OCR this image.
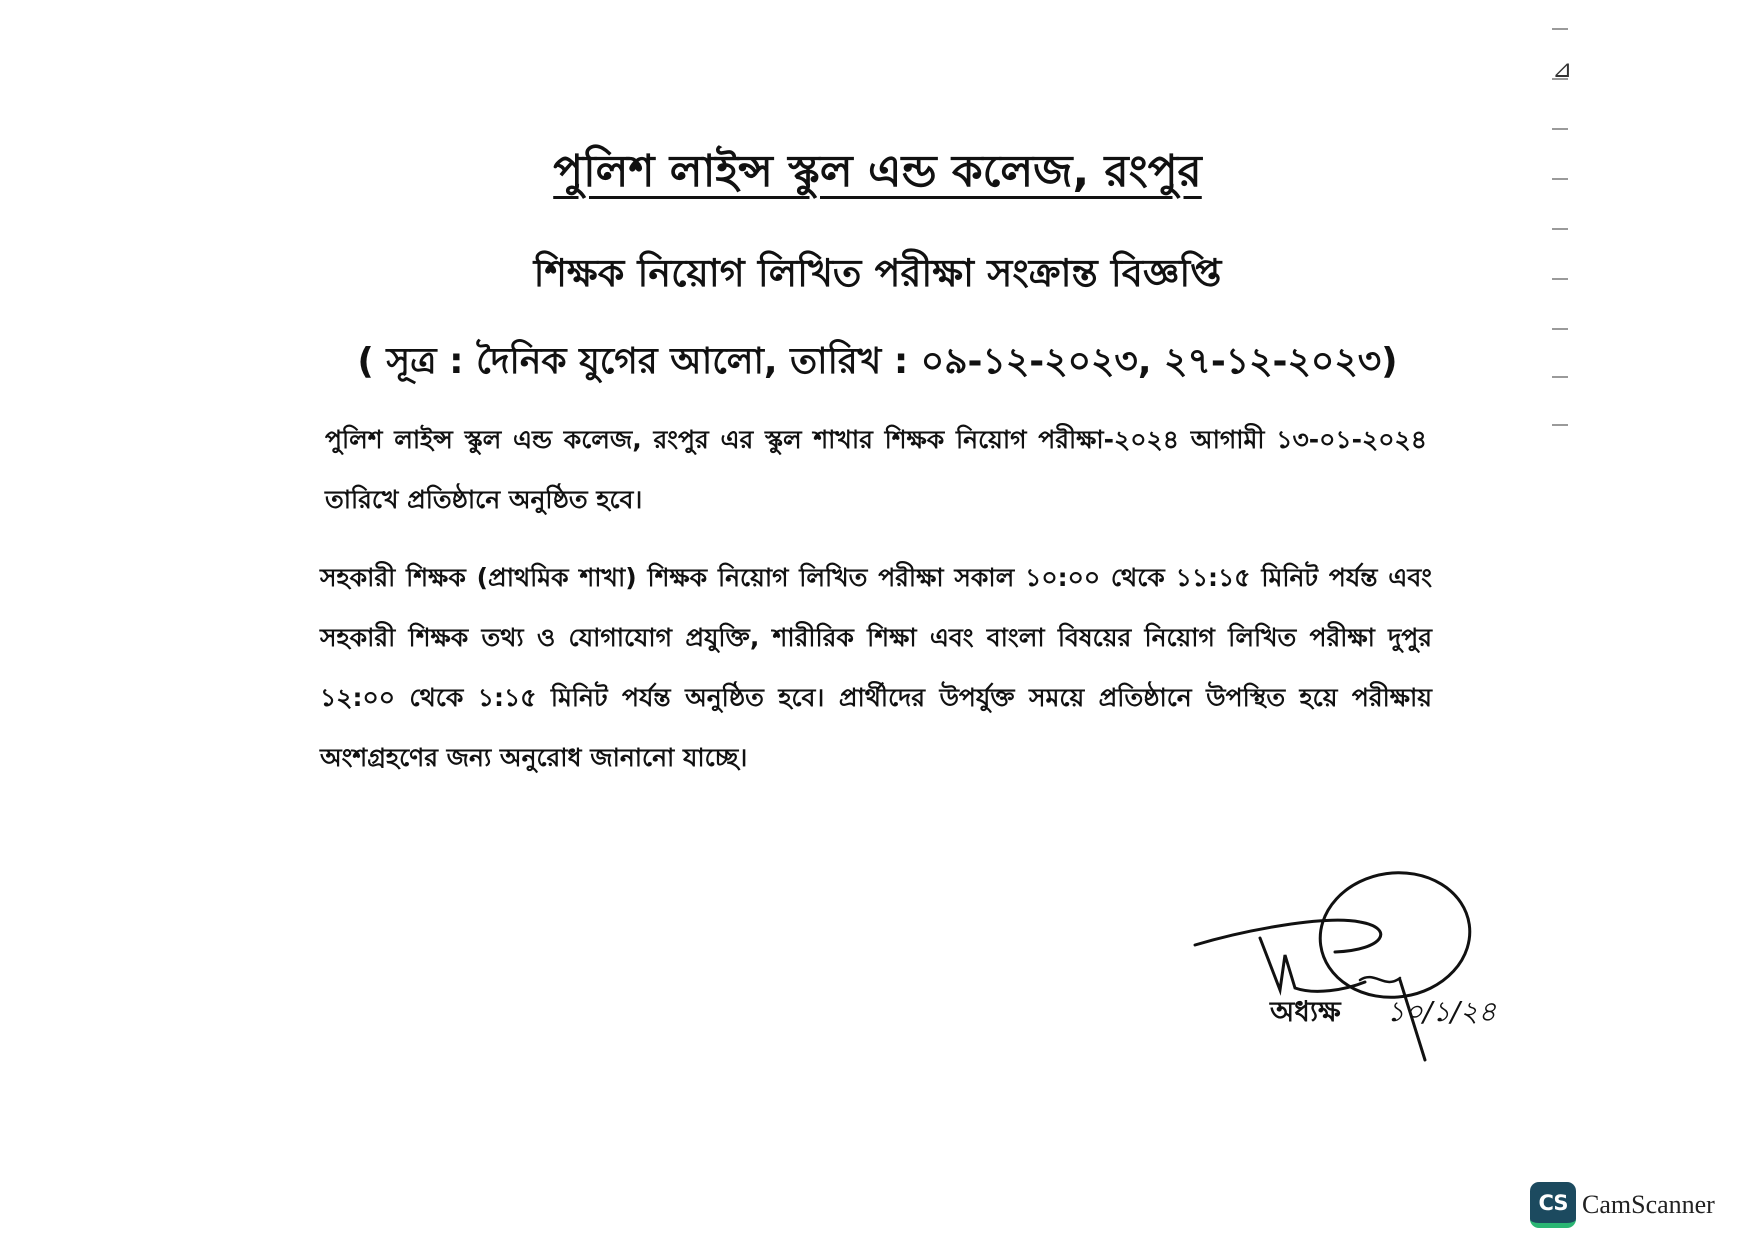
⊿
পুলিশ লাইন্স স্কুল এন্ড কলেজ, রংপুর
শিক্ষক নিয়োগ লিখিত পরীক্ষা সংক্রান্ত বিজ্ঞপ্তি
( সূত্র : দৈনিক যুগের আলো, তারিখ : ০৯-১২-২০২৩, ২৭-১২-২০২৩)
পুলিশ লাইন্স স্কুল এন্ড কলেজ, রংপুর এর স্কুল শাখার শিক্ষক নিয়োগ পরীক্ষা-২০২৪ আগামী ১৩-০১-২০২৪ তারিখে প্রতিষ্ঠানে অনুষ্ঠিত হবে।
সহকারী শিক্ষক (প্রাথমিক শাখা) শিক্ষক নিয়োগ লিখিত পরীক্ষা সকাল ১০:০০ থেকে ১১:১৫ মিনিট পর্যন্ত এবং সহকারী শিক্ষক তথ্য ও যোগাযোগ প্রযুক্তি, শারীরিক শিক্ষা এবং বাংলা বিষয়ের নিয়োগ লিখিত পরীক্ষা দুপুর ১২:০০ থেকে ১:১৫ মিনিট পর্যন্ত অনুষ্ঠিত হবে। প্রার্থীদের উপর্যুক্ত সময়ে প্রতিষ্ঠানে উপস্থিত হয়ে পরীক্ষায় অংশগ্রহণের জন্য অনুরোধ জানানো যাচ্ছে।
অধ্যক্ষ ১০/১/২৪
CS CamScanner
